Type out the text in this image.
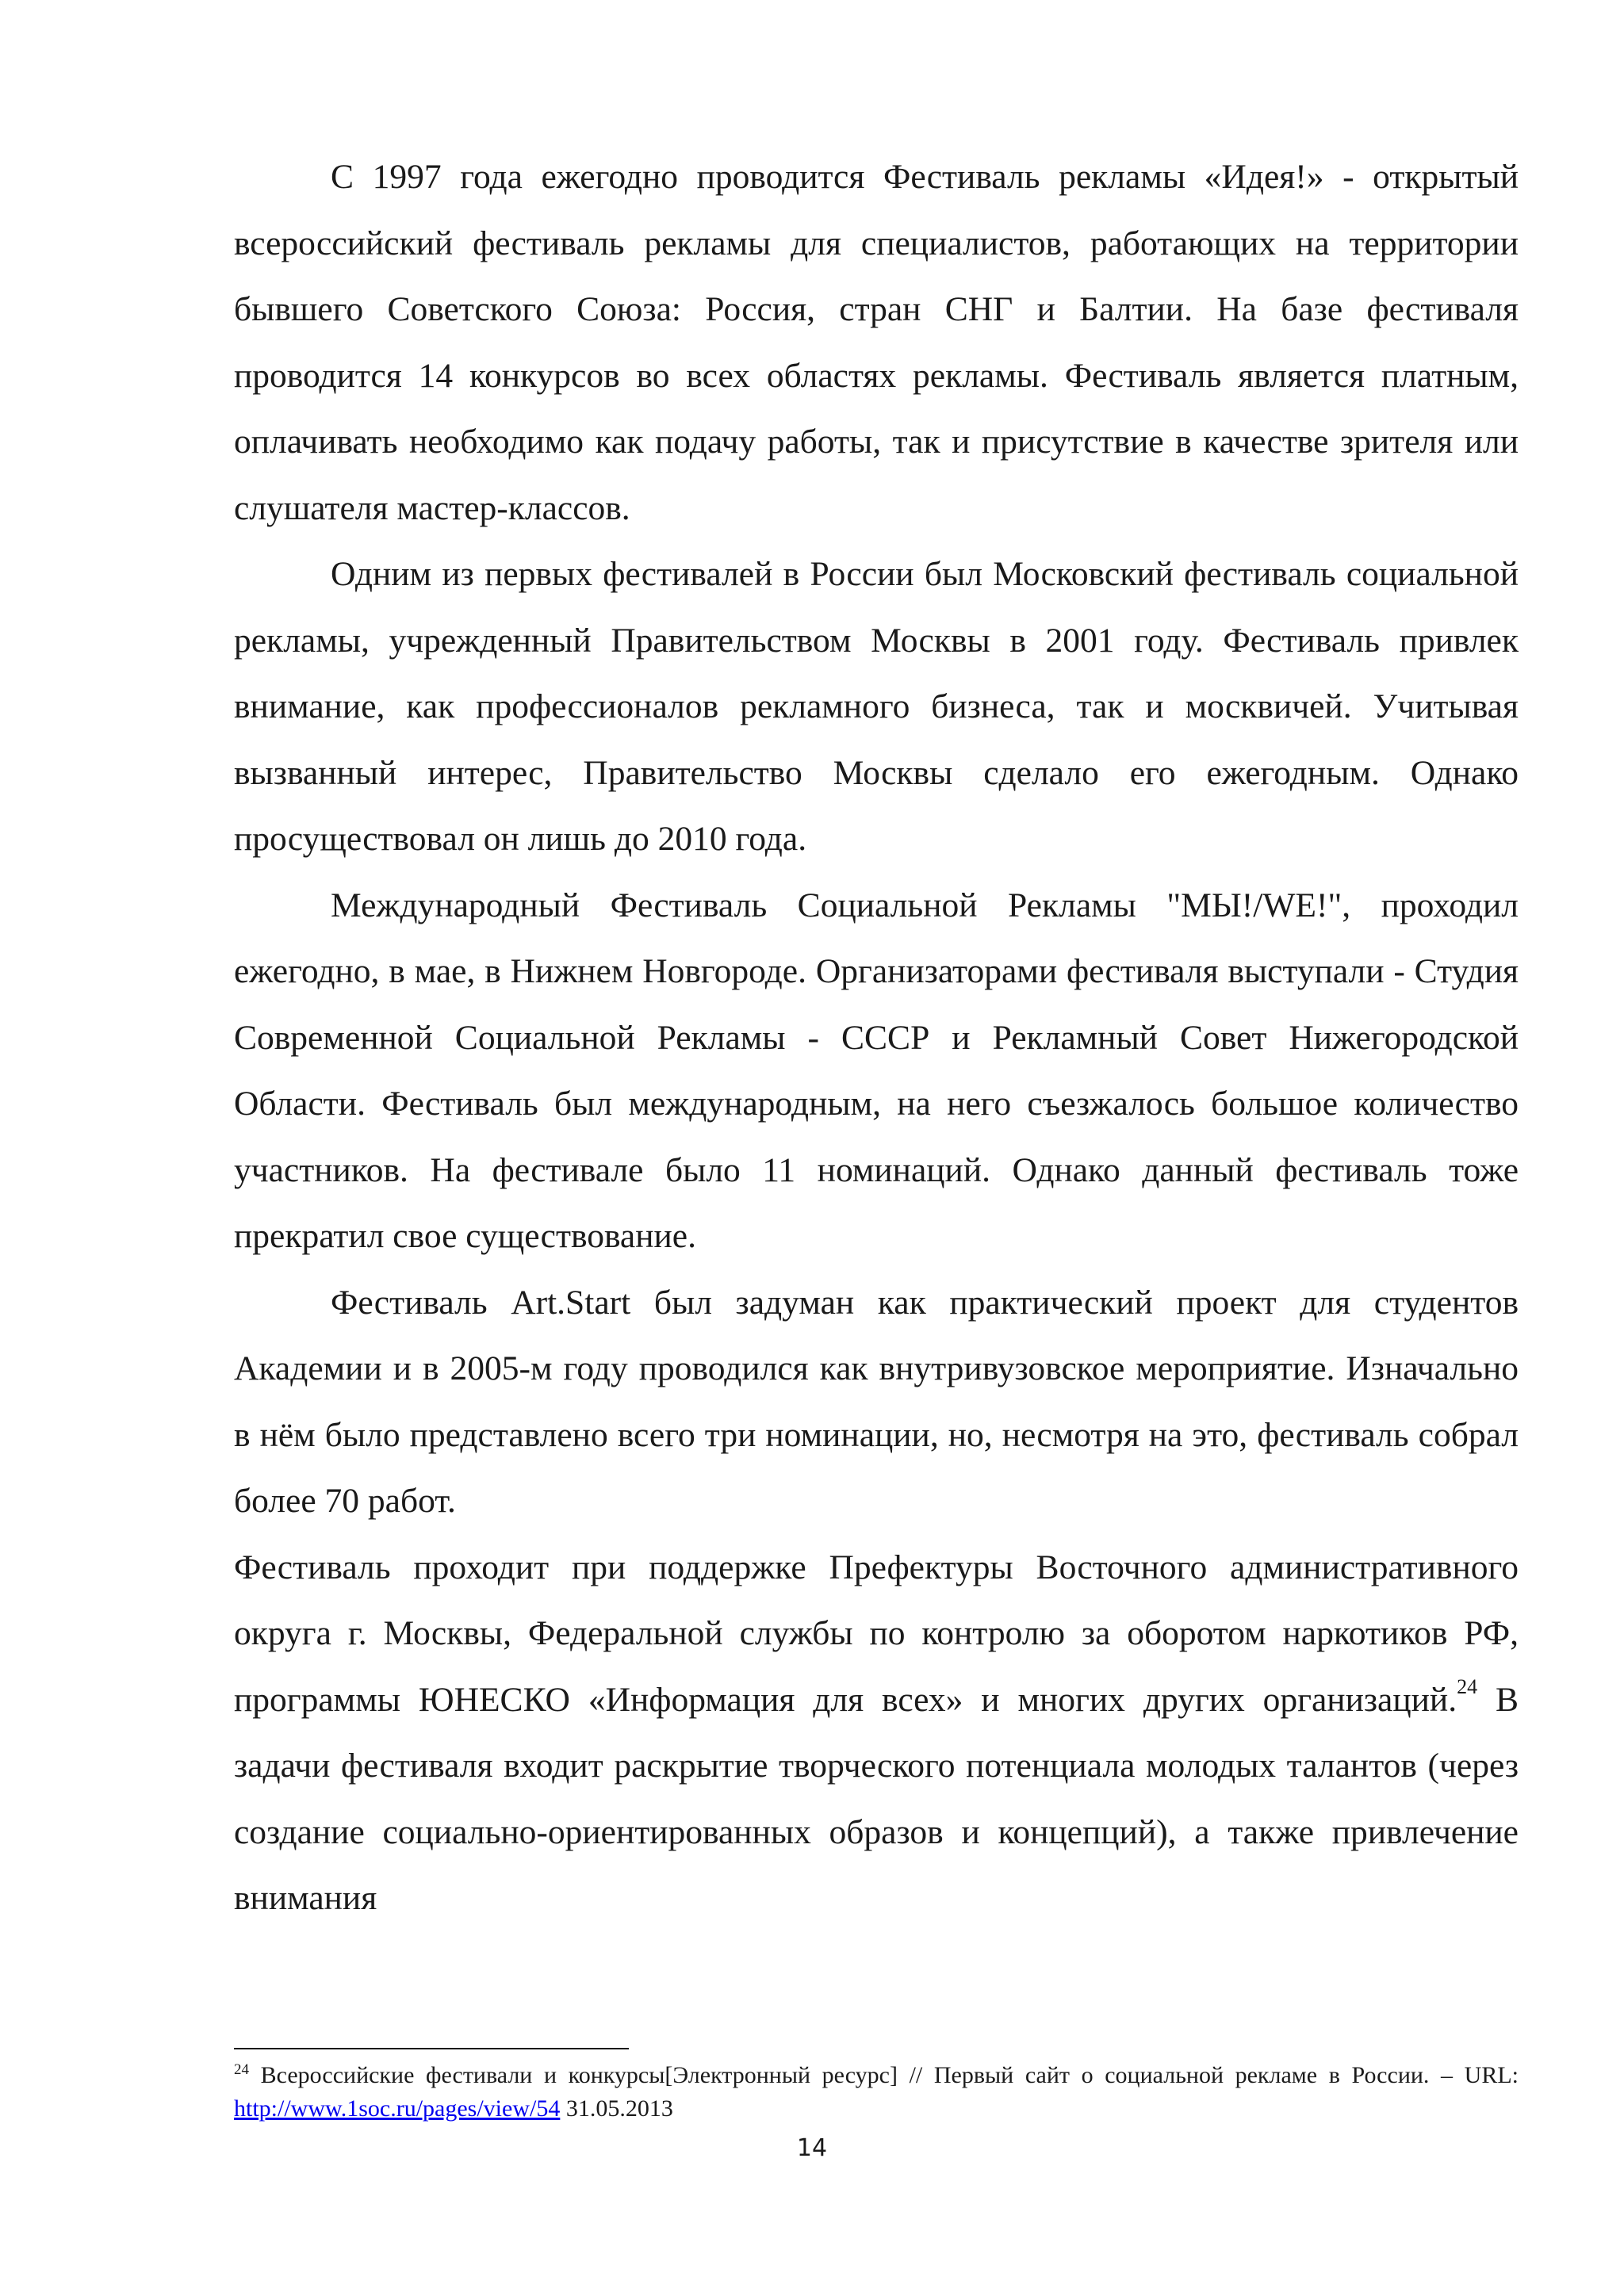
С 1997 года ежегодно проводится Фестиваль рекламы «Идея!» - открытый всероссийский фестиваль рекламы для специалистов, работающих на территории бывшего Советского Союза: Россия, стран СНГ и Балтии. На базе фестиваля проводится 14 конкурсов во всех областях рекламы. Фестиваль является платным, оплачивать необходимо как подачу работы, так и присутствие в качестве зрителя или слушателя мастер-классов.

Одним из первых фестивалей в России был Московский фестиваль социальной рекламы, учрежденный Правительством Москвы в 2001 году. Фестиваль привлек внимание, как профессионалов рекламного бизнеса, так и москвичей. Учитывая вызванный интерес, Правительство Москвы сделало его ежегодным. Однако просуществовал он лишь до 2010 года.

Международный Фестиваль Социальной Рекламы "МЫ!/WE!", проходил ежегодно, в мае, в Нижнем Новгороде. Организаторами фестиваля выступали - Студия Современной Социальной Рекламы - СССР и Рекламный Совет Нижегородской Области. Фестиваль был международным, на него съезжалось большое количество участников. На фестивале было 11 номинаций. Однако данный фестиваль тоже прекратил свое существование.

Фестиваль Art.Start был задуман как практический проект для студентов Академии и в 2005-м году проводился как внутривузовское мероприятие. Изначально в нём было представлено всего три номинации, но, несмотря на это, фестиваль собрал более 70 работ.

Фестиваль проходит при поддержке Префектуры Восточного административного округа г. Москвы, Федеральной службы по контролю за оборотом наркотиков РФ, программы ЮНЕСКО «Информация для всех» и многих других организаций.$^{24}$ В задачи фестиваля входит раскрытие творческого потенциала молодых талантов (через создание социально-ориентированных образов и концепций), а также привлечение внимания

$^{24}$ Всероссийские фестивали и конкурсы[Электронный ресурс] // Первый сайт о социальной рекламе в России. – URL: http://www.1soc.ru/pages/view/54 31.05.2013
14
